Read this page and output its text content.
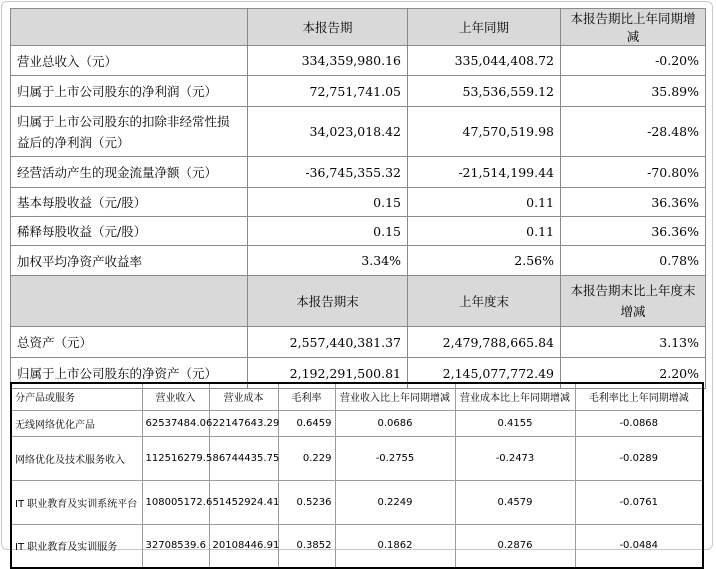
	本报告期	上年同期	本报告期比上年同期增减
营业总收入（元）	334,359,980.16	335,044,408.72	-0.20%
归属于上市公司股东的净利润（元）	72,751,741.05	53,536,559.12	35.89%
归属于上市公司股东的扣除非经常性损益后的净利润（元）	34,023,018.42	47,570,519.98	-28.48%
经营活动产生的现金流量净额（元）	-36,745,355.32	-21,514,199.44	-70.80%
基本每股收益（元/股）	0.15	0.11	36.36%
稀释每股收益（元/股）	0.15	0.11	36.36%
加权平均净资产收益率	3.34%	2.56%	0.78%
	本报告期末	上年度末	本报告期末比上年度末增减
总资产（元）	2,557,440,381.37	2,479,788,665.84	3.13%
归属于上市公司股东的净资产（元）	2,192,291,500.81	2,145,077,772.49	2.20%
分产品或服务	营业收入	营业成本	毛利率	营业收入比上年同期增减	营业成本比上年同期增减	毛利率比上年同期增减
无线网络优化产品	62537484.06	22147643.29	0.6459	0.0686	0.4155	-0.0868
网络优化及技术服务收入	112516279.5	86744435.75	0.229	-0.2755	-0.2473	-0.0289
IT 职业教育及实训系统平台	108005172.6	51452924.41	0.5236	0.2249	0.4579	-0.0761
IT 职业教育及实训服务	32708539.6	20108446.91	0.3852	0.1862	0.2876	-0.0484
